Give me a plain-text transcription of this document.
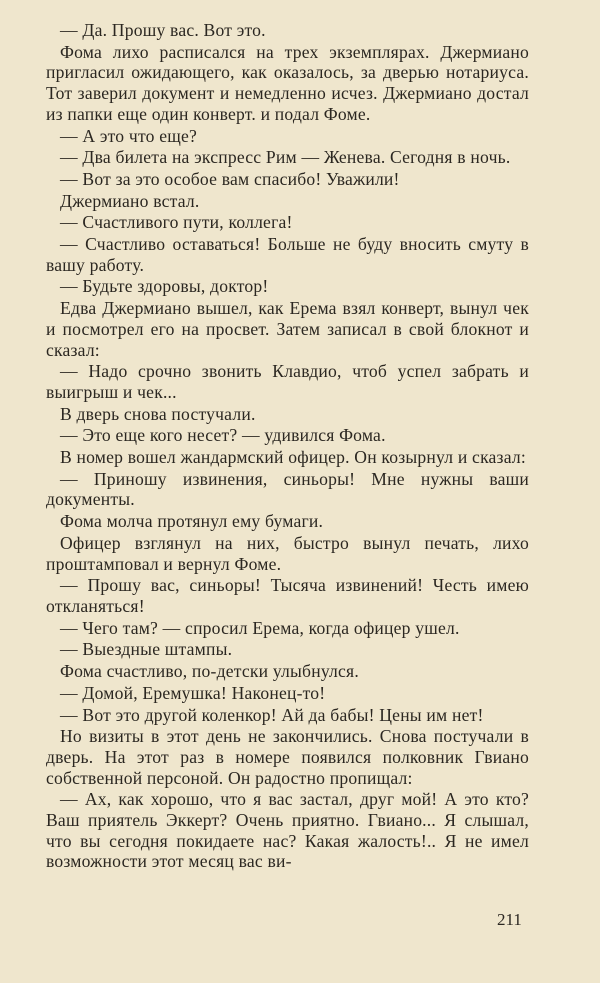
— Да. Прошу вас. Вот это.

Фома лихо расписался на трех экземплярах. Джермиано пригласил ожидающего, как оказалось, за дверью нотариуса. Тот заверил документ и немедленно исчез. Джермиано достал из папки еще один конверт. и подал Фоме.

— А это что еще?

— Два билета на экспресс Рим — Женева. Сегодня в ночь.

— Вот за это особое вам спасибо! Уважили!

Джермиано встал.

— Счастливого пути, коллега!

— Счастливо оставаться! Больше не буду вносить смуту в вашу работу.

— Будьте здоровы, доктор!

Едва Джермиано вышел, как Ерема взял конверт, вынул чек и посмотрел его на просвет. Затем записал в свой блокнот и сказал:

— Надо срочно звонить Клавдио, чтоб успел забрать и выигрыш и чек...

В дверь снова постучали.

— Это еще кого несет? — удивился Фома.

В номер вошел жандармский офицер. Он козырнул и сказал:

— Приношу извинения, синьоры! Мне нужны ваши документы.

Фома молча протянул ему бумаги.

Офицер взглянул на них, быстро вынул печать, лихо проштамповал и вернул Фоме.

— Прошу вас, синьоры! Тысяча извинений! Честь имею откланяться!

— Чего там? — спросил Ерема, когда офицер ушел.

— Выездные штампы.

Фома счастливо, по-детски улыбнулся.

— Домой, Еремушка! Наконец-то!

— Вот это другой коленкор! Ай да бабы! Цены им нет!

Но визиты в этот день не закончились. Снова постучали в дверь. На этот раз в номере появился полковник Гвиано собственной персоной. Он радостно пропищал:

— Ах, как хорошо, что я вас застал, друг мой! А это кто? Ваш приятель Эккерт? Очень приятно. Гвиано... Я слышал, что вы сегодня покидаете нас? Какая жалость!.. Я не имел возможности этот месяц вас ви-

211
